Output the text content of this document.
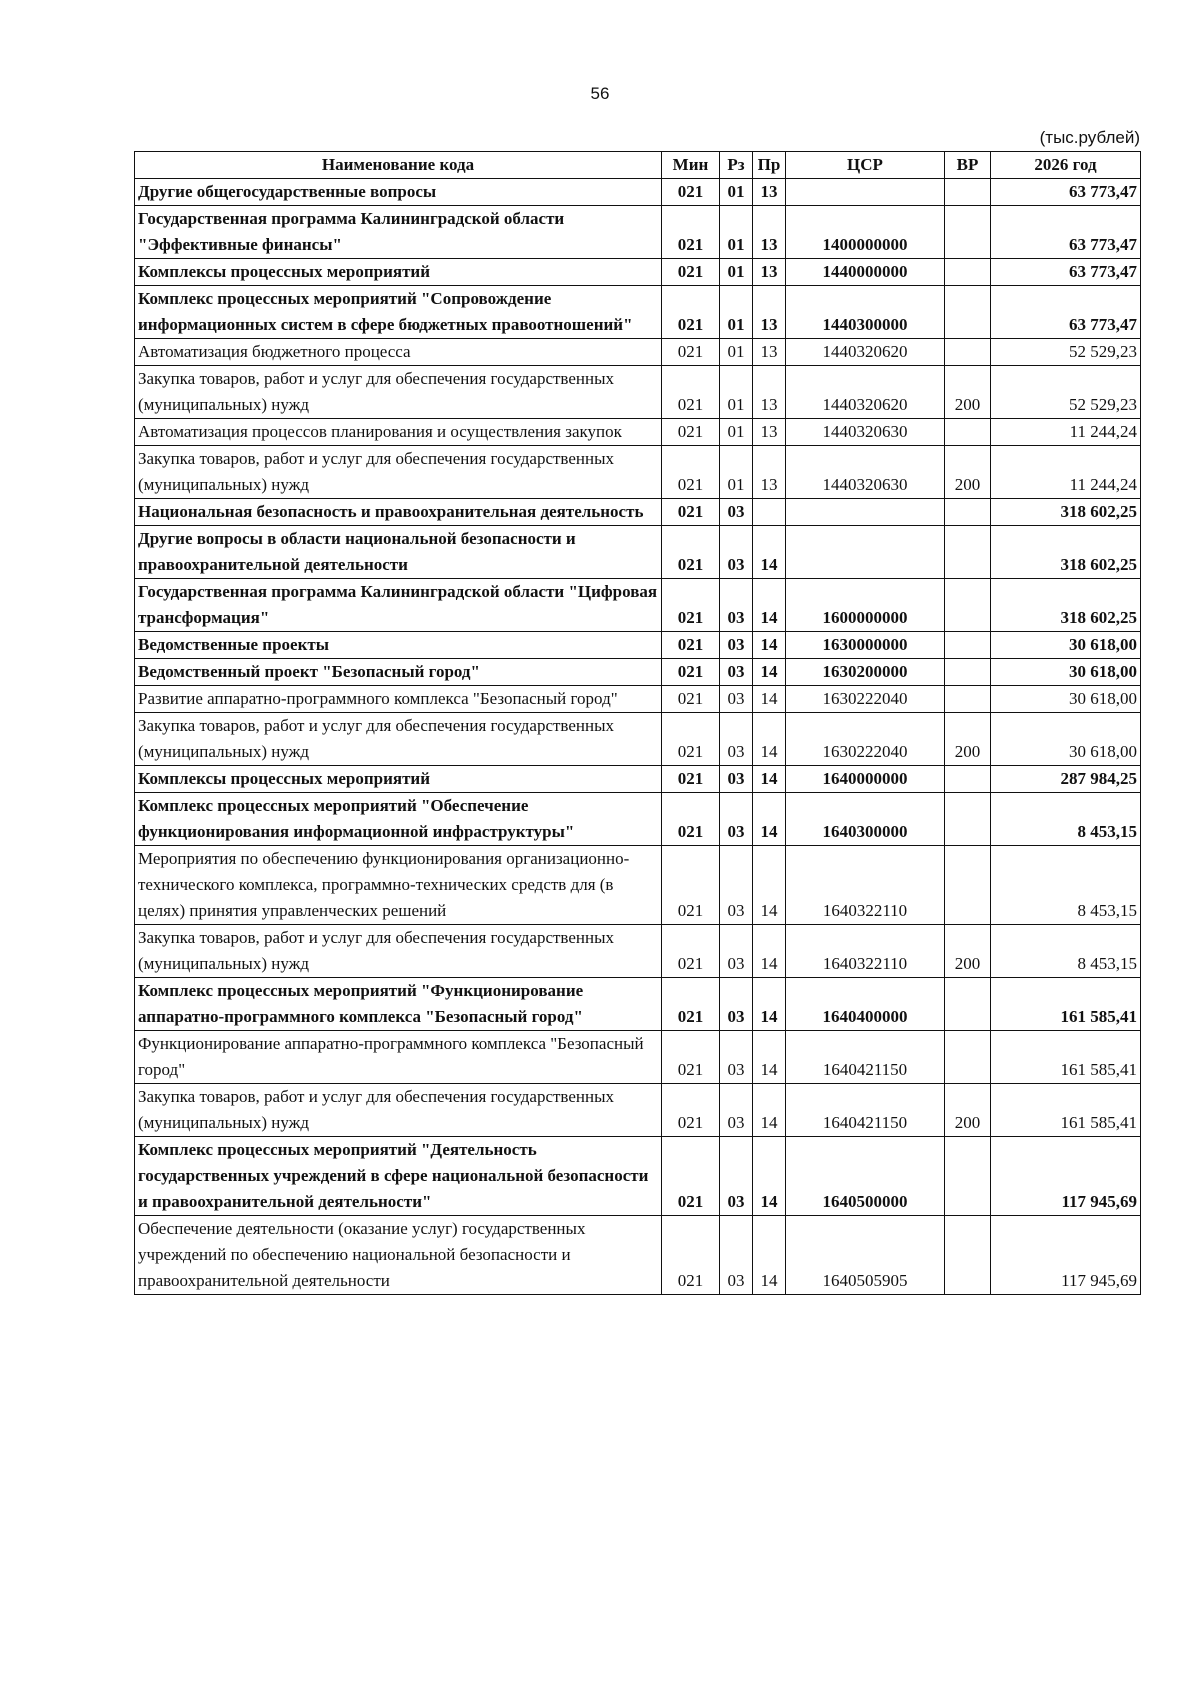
56
(тыс.рублей)
Наименование кода	Мин	Рз	Пр	ЦСР	ВР	2026 год
Другие общегосударственные вопросы	021	01	13			63 773,47
Государственная программа Калининградской области "Эффективные финансы"	021	01	13	1400000000		63 773,47
Комплексы процессных мероприятий	021	01	13	1440000000		63 773,47
Комплекс процессных мероприятий "Сопровождение информационных систем в сфере бюджетных правоотношений"	021	01	13	1440300000		63 773,47
Автоматизация бюджетного процесса	021	01	13	1440320620		52 529,23
Закупка товаров, работ и услуг для обеспечения государственных (муниципальных) нужд	021	01	13	1440320620	200	52 529,23
Автоматизация процессов планирования и осуществления закупок	021	01	13	1440320630		11 244,24
Закупка товаров, работ и услуг для обеспечения государственных (муниципальных) нужд	021	01	13	1440320630	200	11 244,24
Национальная безопасность и правоохранительная деятельность	021	03				318 602,25
Другие вопросы в области национальной безопасности и правоохранительной деятельности	021	03	14			318 602,25
Государственная программа Калининградской области "Цифровая трансформация"	021	03	14	1600000000		318 602,25
Ведомственные проекты	021	03	14	1630000000		30 618,00
Ведомственный проект "Безопасный город"	021	03	14	1630200000		30 618,00
Развитие аппаратно-программного комплекса "Безопасный город"	021	03	14	1630222040		30 618,00
Закупка товаров, работ и услуг для обеспечения государственных (муниципальных) нужд	021	03	14	1630222040	200	30 618,00
Комплексы процессных мероприятий	021	03	14	1640000000		287 984,25
Комплекс процессных мероприятий "Обеспечение функционирования информационной инфраструктуры"	021	03	14	1640300000		8 453,15
Мероприятия по обеспечению функционирования организационно-технического комплекса, программно-технических средств для (в целях) принятия управленческих решений	021	03	14	1640322110		8 453,15
Закупка товаров, работ и услуг для обеспечения государственных (муниципальных) нужд	021	03	14	1640322110	200	8 453,15
Комплекс процессных мероприятий "Функционирование аппаратно-программного комплекса "Безопасный город"	021	03	14	1640400000		161 585,41
Функционирование аппаратно-программного комплекса "Безопасный город"	021	03	14	1640421150		161 585,41
Закупка товаров, работ и услуг для обеспечения государственных (муниципальных) нужд	021	03	14	1640421150	200	161 585,41
Комплекс процессных мероприятий "Деятельность государственных учреждений в сфере национальной безопасности и правоохранительной деятельности"	021	03	14	1640500000		117 945,69
Обеспечение деятельности (оказание услуг) государственных учреждений по обеспечению национальной безопасности и правоохранительной деятельности	021	03	14	1640505905		117 945,69
